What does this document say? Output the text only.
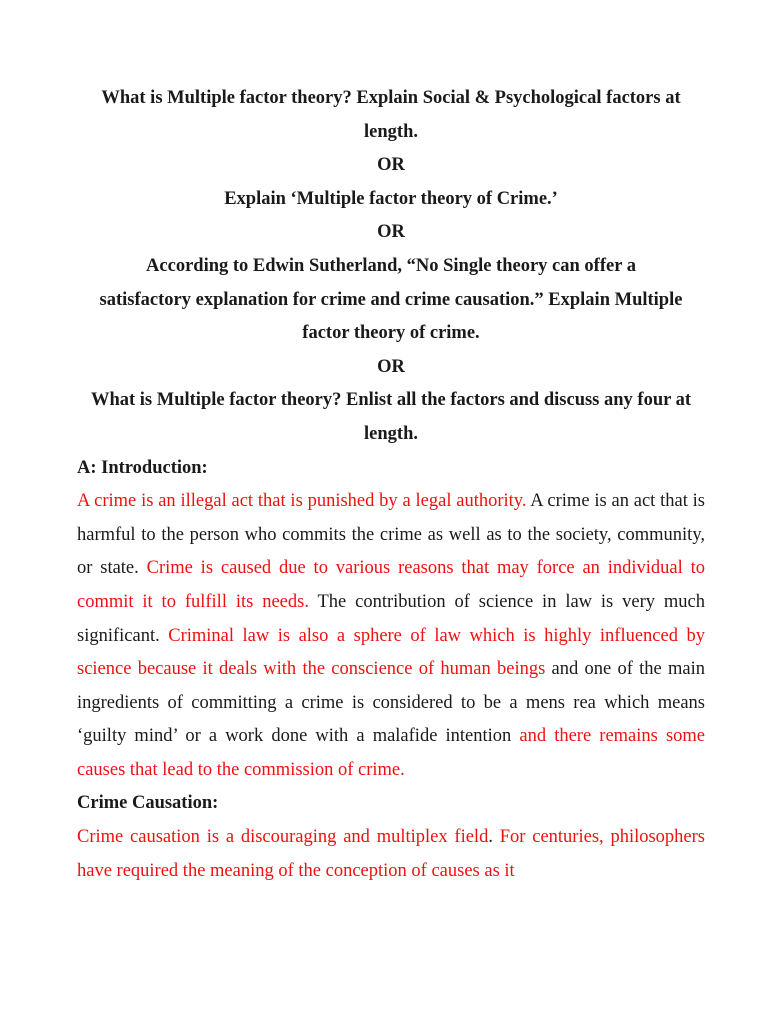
What is Multiple factor theory? Explain Social & Psychological factors at length.

OR

Explain ‘Multiple factor theory of Crime.’

OR

According to Edwin Sutherland, “No Single theory can offer a satisfactory explanation for crime and crime causation.” Explain Multiple factor theory of crime.

OR

What is Multiple factor theory? Enlist all the factors and discuss any four at length.

A: Introduction:

A crime is an illegal act that is punished by a legal authority. A crime is an act that is harmful to the person who commits the crime as well as to the society, community, or state. Crime is caused due to various reasons that may force an individual to commit it to fulfill its needs. The contribution of science in law is very much significant. Criminal law is also a sphere of law which is highly influenced by science because it deals with the conscience of human beings and one of the main ingredients of committing a crime is considered to be a mens rea which means ‘guilty mind’ or a work done with a malafide intention and there remains some causes that lead to the commission of crime.

Crime Causation:

Crime causation is a discouraging and multiplex field. For centuries, philosophers have required the meaning of the conception of causes as it
